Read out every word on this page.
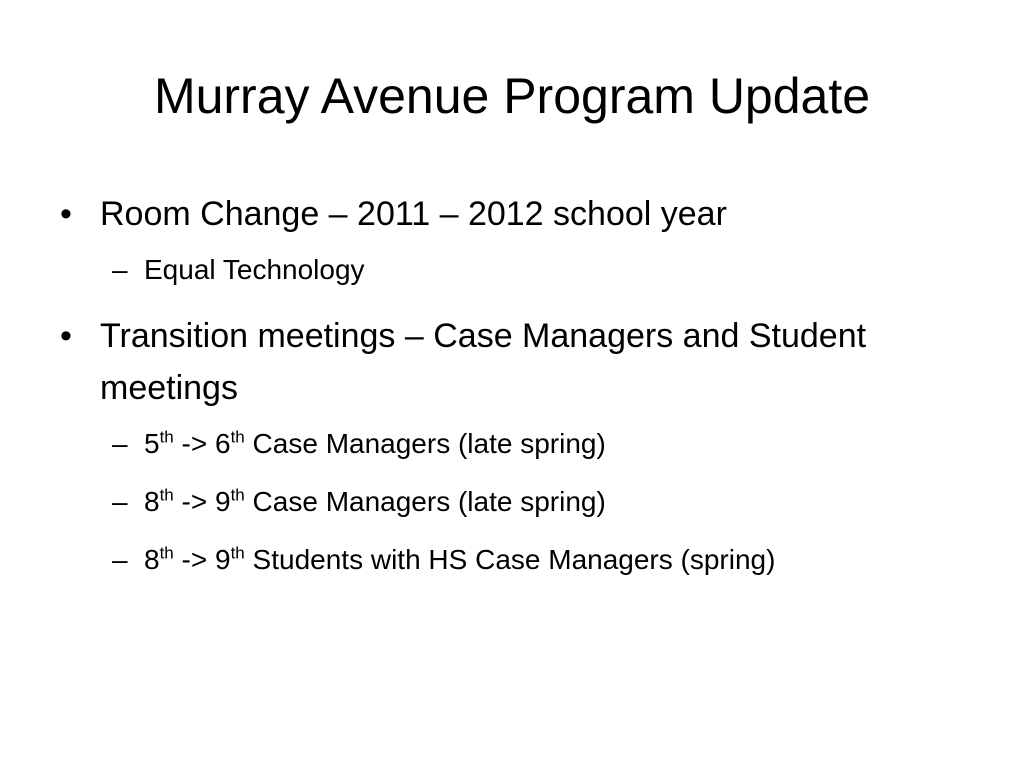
Murray Avenue Program Update
• Room Change – 2011 – 2012 school year
– Equal Technology
• Transition meetings – Case Managers and Student meetings
– 5th -> 6th Case Managers (late spring)
– 8th -> 9th Case Managers (late spring)
– 8th -> 9th Students with HS Case Managers (spring)
